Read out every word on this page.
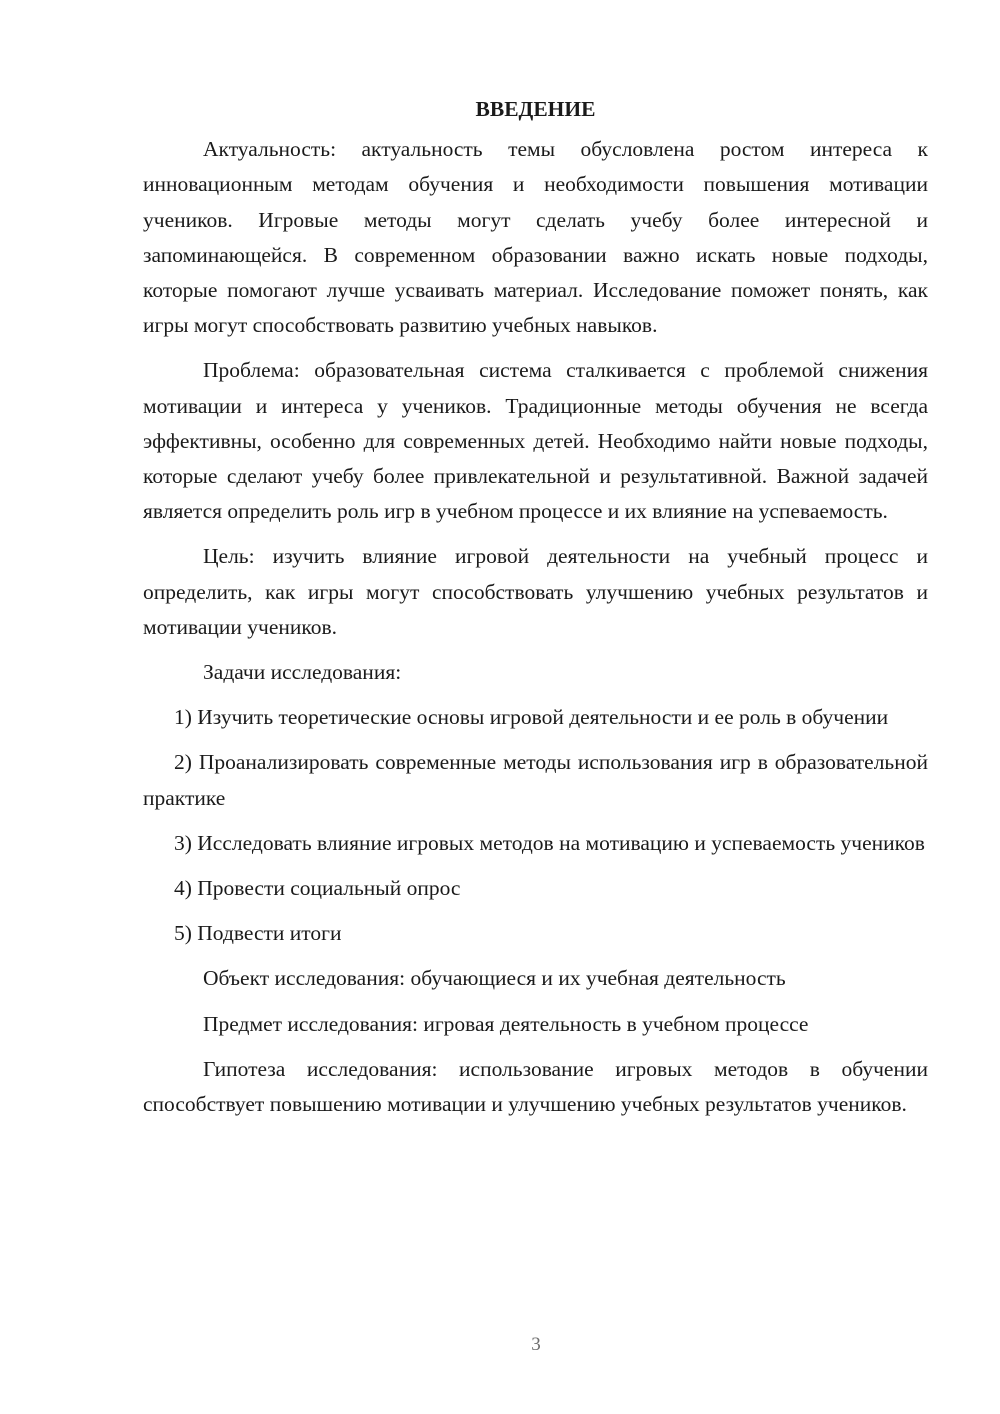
ВВЕДЕНИЕ

Актуальность: актуальность темы обусловлена ростом интереса к инновационным методам обучения и необходимости повышения мотивации учеников. Игровые методы могут сделать учебу более интересной и запоминающейся. В современном образовании важно искать новые подходы, которые помогают лучше усваивать материал. Исследование поможет понять, как игры могут способствовать развитию учебных навыков.

Проблема: образовательная система сталкивается с проблемой снижения мотивации и интереса у учеников. Традиционные методы обучения не всегда эффективны, особенно для современных детей. Необходимо найти новые подходы, которые сделают учебу более привлекательной и результативной. Важной задачей является определить роль игр в учебном процессе и их влияние на успеваемость.

Цель: изучить влияние игровой деятельности на учебный процесс и определить, как игры могут способствовать улучшению учебных результатов и мотивации учеников.

Задачи исследования:

1) Изучить теоретические основы игровой деятельности и ее роль в обучении

2) Проанализировать современные методы использования игр в образовательной практике

3) Исследовать влияние игровых методов на мотивацию и успеваемость учеников

4) Провести социальный опрос

5) Подвести итоги

Объект исследования: обучающиеся и их учебная деятельность

Предмет исследования: игровая деятельность в учебном процессе

Гипотеза исследования: использование игровых методов в обучении способствует повышению мотивации и улучшению учебных результатов учеников.

3
